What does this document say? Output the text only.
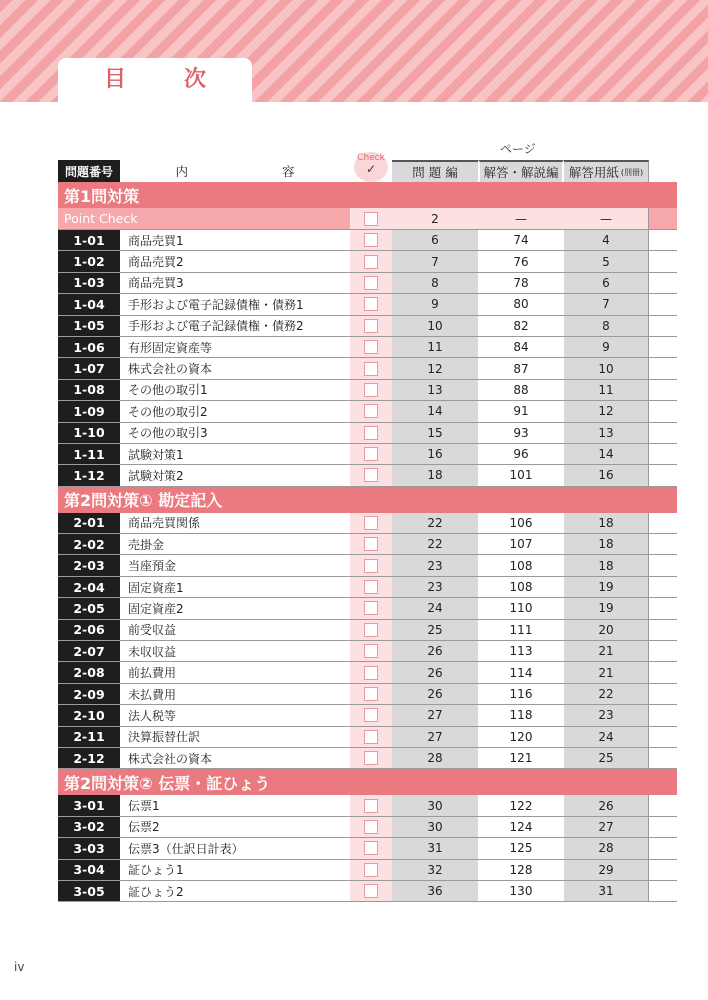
目　次
ページ
問題番号	内	容
Check
✓	問 題 編	解答・解説編 解答用紙 (別冊)
第1問対策
Point Check	2	—	—
1-01	商品売買1	6	74	4
1-02	商品売買2	7	76	5
1-03	商品売買3	8	78	6
1-04	手形および電子記録債権・債務1	9	80	7
1-05	手形および電子記録債権・債務2	10	82	8
1-06	有形固定資産等	11	84	9
1-07	株式会社の資本	12	87	10
1-08	その他の取引1	13	88	11
1-09	その他の取引2	14	91	12
1-10	その他の取引3	15	93	13
1-11	試験対策1	16	96	14
1-12	試験対策2	18	101	16
第2問対策① 勘定記入
2-01	商品売買関係	22	106	18
2-02	売掛金	22	107	18
2-03	当座預金	23	108	18
2-04	固定資産1	23	108	19
2-05	固定資産2	24	110	19
2-06	前受収益	25	111	20
2-07	未収収益	26	113	21
2-08	前払費用	26	114	21
2-09	未払費用	26	116	22
2-10	法人税等	27	118	23
2-11	決算振替仕訳	27	120	24
2-12	株式会社の資本	28	121	25
第2問対策② 伝票・証ひょう
3-01	伝票1	30	122	26
3-02	伝票2	30	124	27
3-03	伝票3（仕訳日計表）	31	125	28
3-04	証ひょう1	32	128	29
3-05	証ひょう2	36	130	31
iv
